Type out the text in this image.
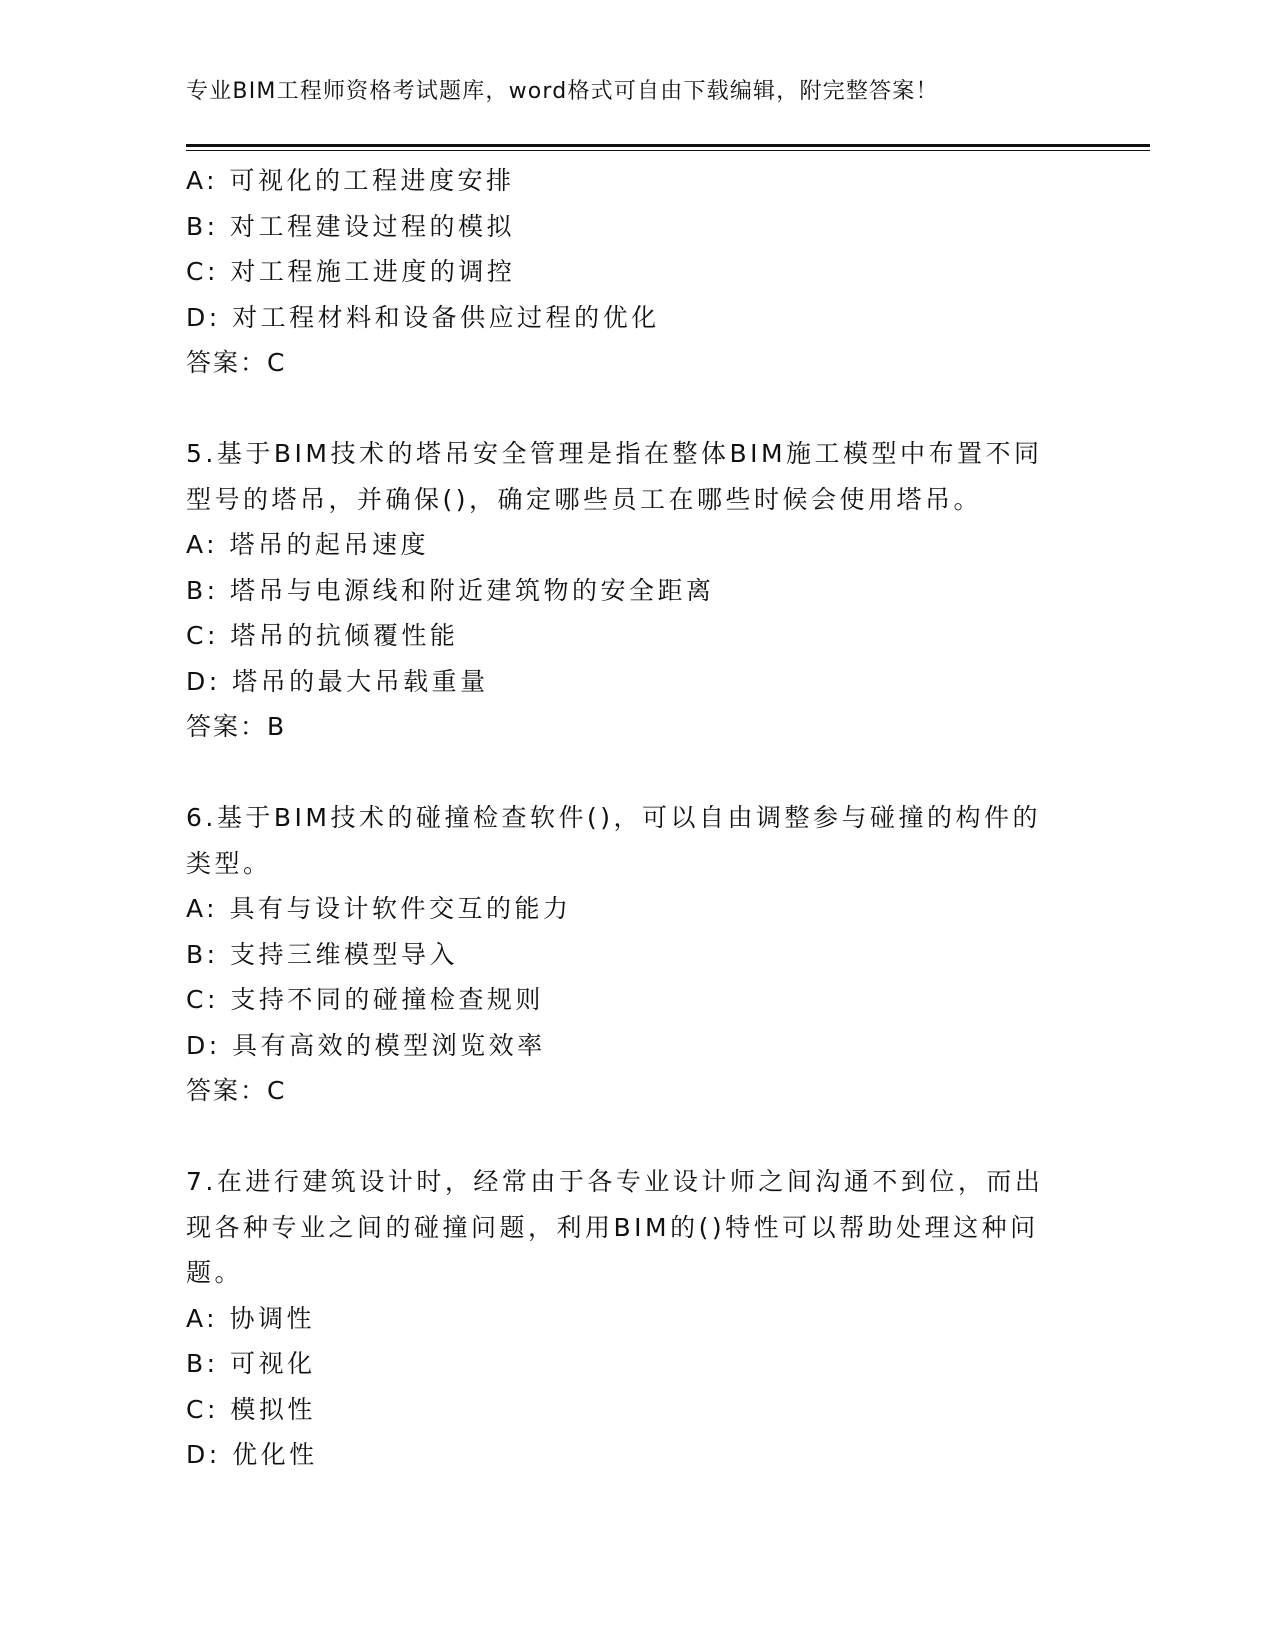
专业BIM工程师资格考试题库，word格式可自由下载编辑，附完整答案！
A: 可视化的工程进度安排
B: 对工程建设过程的模拟
C: 对工程施工进度的调控
D: 对工程材料和设备供应过程的优化
答案：C
5.基于BIM技术的塔吊安全管理是指在整体BIM施工模型中布置不同
型号的塔吊，并确保()，确定哪些员工在哪些时候会使用塔吊。
A: 塔吊的起吊速度
B: 塔吊与电源线和附近建筑物的安全距离
C: 塔吊的抗倾覆性能
D: 塔吊的最大吊载重量
答案：B
6.基于BIM技术的碰撞检查软件()，可以自由调整参与碰撞的构件的
类型。
A: 具有与设计软件交互的能力
B: 支持三维模型导入
C: 支持不同的碰撞检查规则
D: 具有高效的模型浏览效率
答案：C
7.在进行建筑设计时，经常由于各专业设计师之间沟通不到位，而出
现各种专业之间的碰撞问题，利用BIM的()特性可以帮助处理这种问
题。
A: 协调性
B: 可视化
C: 模拟性
D: 优化性
